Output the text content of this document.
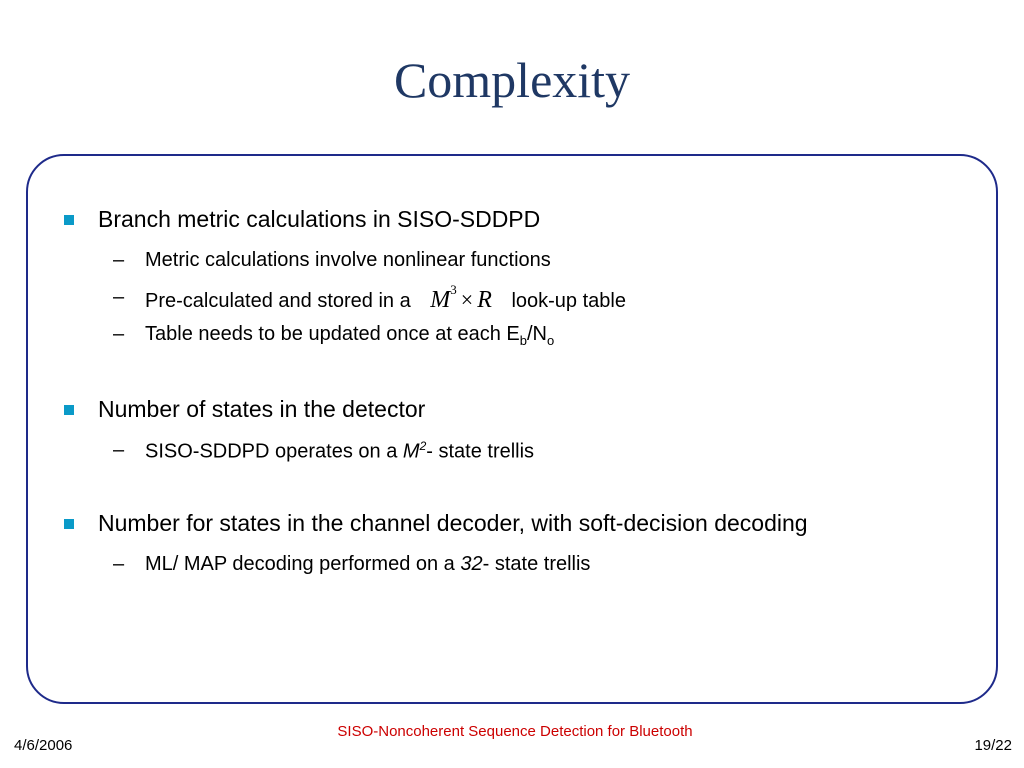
Complexity
Branch metric calculations in SISO-SDDPD
– Metric calculations involve nonlinear functions
– Pre-calculated and stored in a $M^3 \times R$ look-up table
– Table needs to be updated once at each $E_b/N_o$
Number of states in the detector
– SISO-SDDPD operates on a $M^2-$ state trellis
Number for states in the channel decoder, with soft-decision decoding
– ML/ MAP decoding performed on a 32- state trellis
SISO-Noncoherent Sequence Detection for Bluetooth
4/6/2006	19/22
